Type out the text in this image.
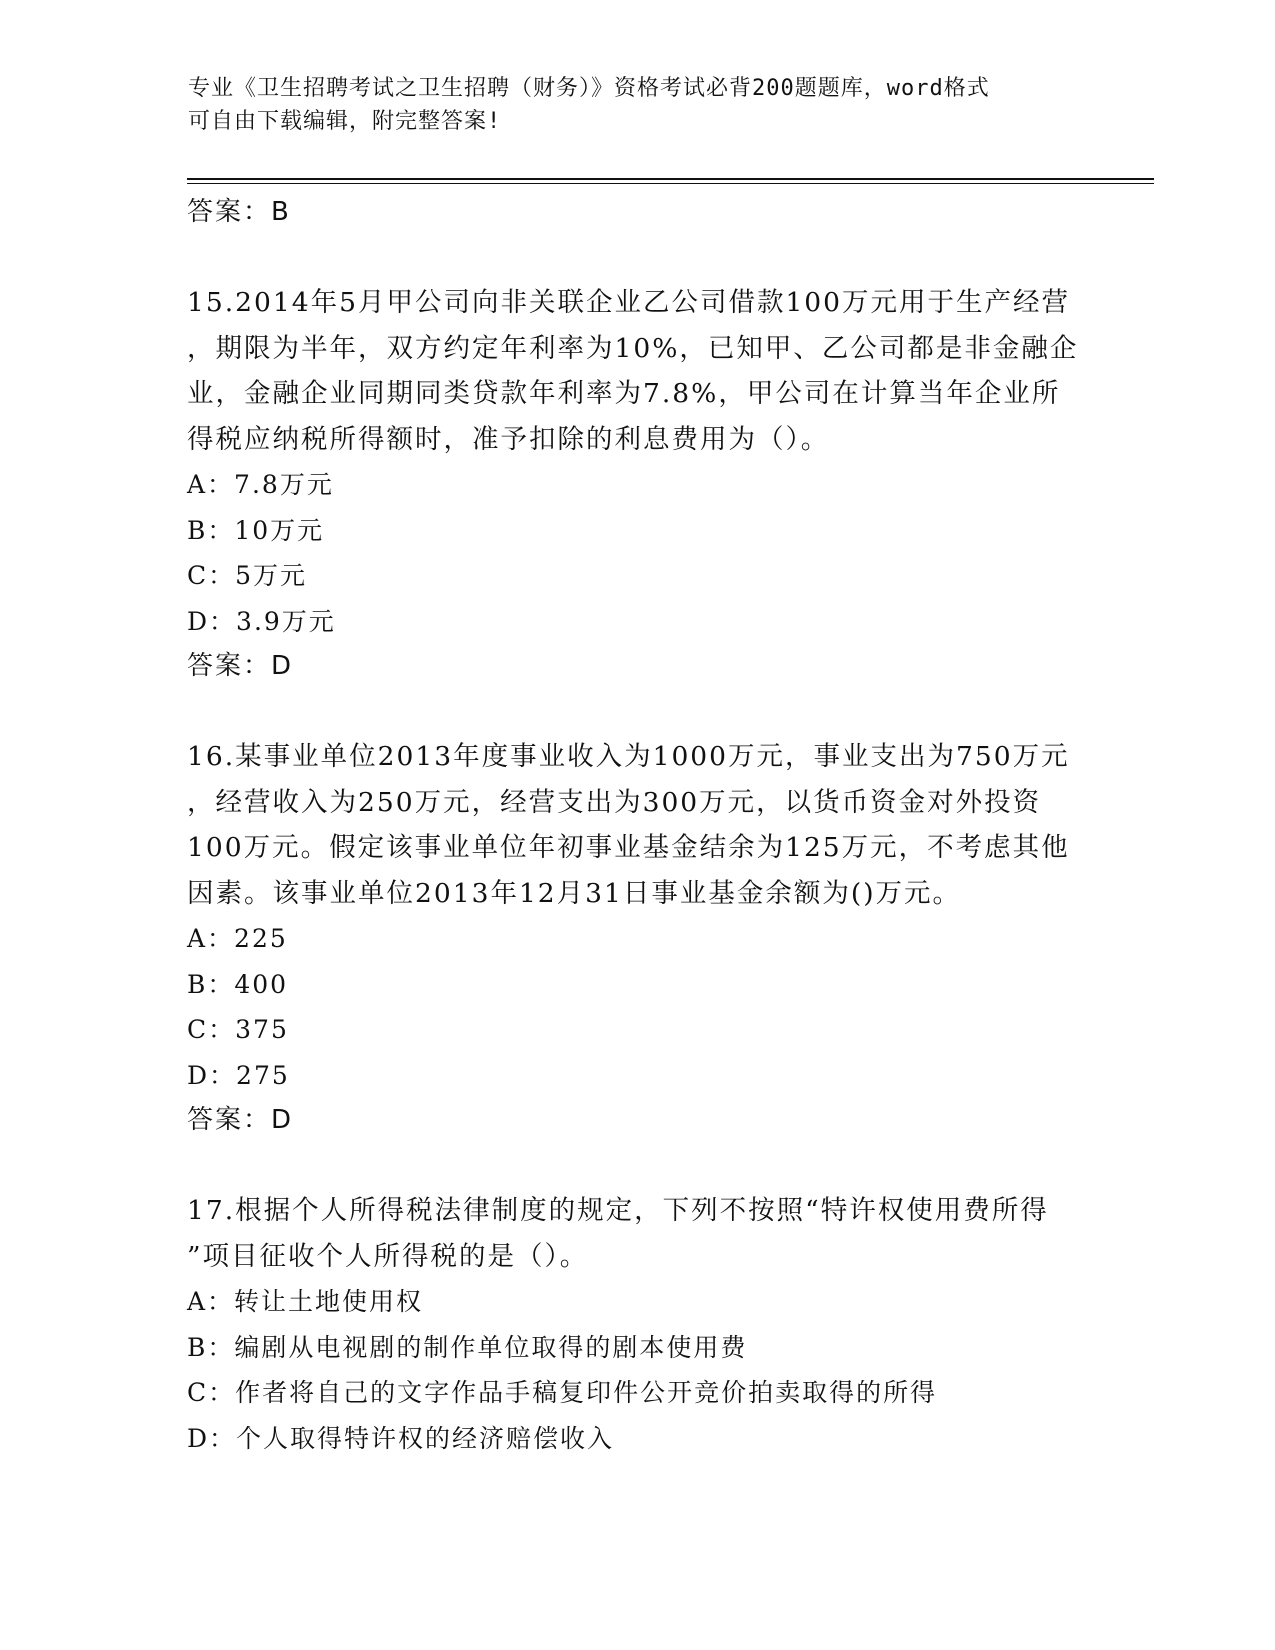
专业《卫生招聘考试之卫生招聘（财务）》资格考试必背200题题库，word格式
可自由下载编辑，附完整答案!
答案：B
15.2014年5月甲公司向非关联企业乙公司借款100万元用于生产经营
，期限为半年，双方约定年利率为10%，已知甲、乙公司都是非金融企
业，金融企业同期同类贷款年利率为7.8%，甲公司在计算当年企业所
得税应纳税所得额时，准予扣除的利息费用为（）。
A：7.8万元
B：10万元
C：5万元
D：3.9万元
答案：D
16.某事业单位2013年度事业收入为1000万元，事业支出为750万元
，经营收入为250万元，经营支出为300万元，以货币资金对外投资
100万元。假定该事业单位年初事业基金结余为125万元，不考虑其他
因素。该事业单位2013年12月31日事业基金余额为()万元。
A：225
B：400
C：375
D：275
答案：D
17.根据个人所得税法律制度的规定，下列不按照“特许权使用费所得
”项目征收个人所得税的是（）。
A：转让土地使用权
B：编剧从电视剧的制作单位取得的剧本使用费
C：作者将自己的文字作品手稿复印件公开竞价拍卖取得的所得
D：个人取得特许权的经济赔偿收入
